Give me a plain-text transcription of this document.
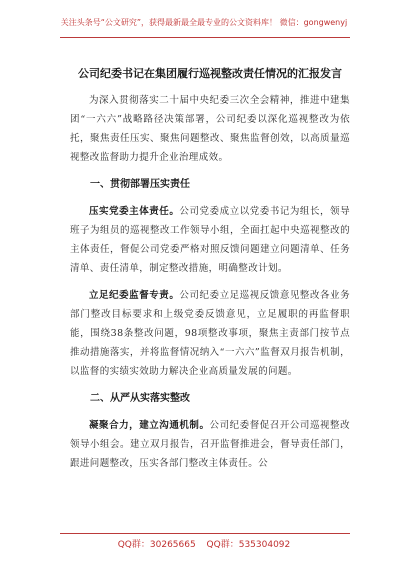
关注头条号“公文研究”，获得最新最全最专业的公文资料库！ 微信：gongwenyj
公司纪委书记在集团履行巡视整改责任情况的汇报发言

为深入贯彻落实二十届中央纪委三次全会精神，推进中建集团“一六六”战略路径决策部署，公司纪委以深化巡视整改为依托，聚焦责任压实、聚焦问题整改、聚焦监督创效，以高质量巡视整改监督助力提升企业治理成效。

一、贯彻部署压实责任

压实党委主体责任。公司党委成立以党委书记为组长，领导班子为组员的巡视整改工作领导小组，全面扛起中央巡视整改的主体责任，督促公司党委严格对照反馈问题建立问题清单、任务清单、责任清单，制定整改措施，明确整改计划。

立足纪委监督专责。公司纪委立足巡视反馈意见整改各业务部门整改目标要求和上级党委反馈意见，立足履职的再监督职能，围绕38条整改问题，98项整改事项，聚焦主责部门按节点推动措施落实，并将监督情况纳入“一六六”监督双月报告机制，以监督的实绩实效助力解决企业高质量发展的问题。

二、从严从实落实整改

凝聚合力，建立沟通机制。公司纪委督促召开公司巡视整改领导小组会。建立双月报告，召开监督推进会，督导责任部门，跟进问题整改，压实各部门整改主体责任。公

QQ群：30265665 QQ群：535304092
